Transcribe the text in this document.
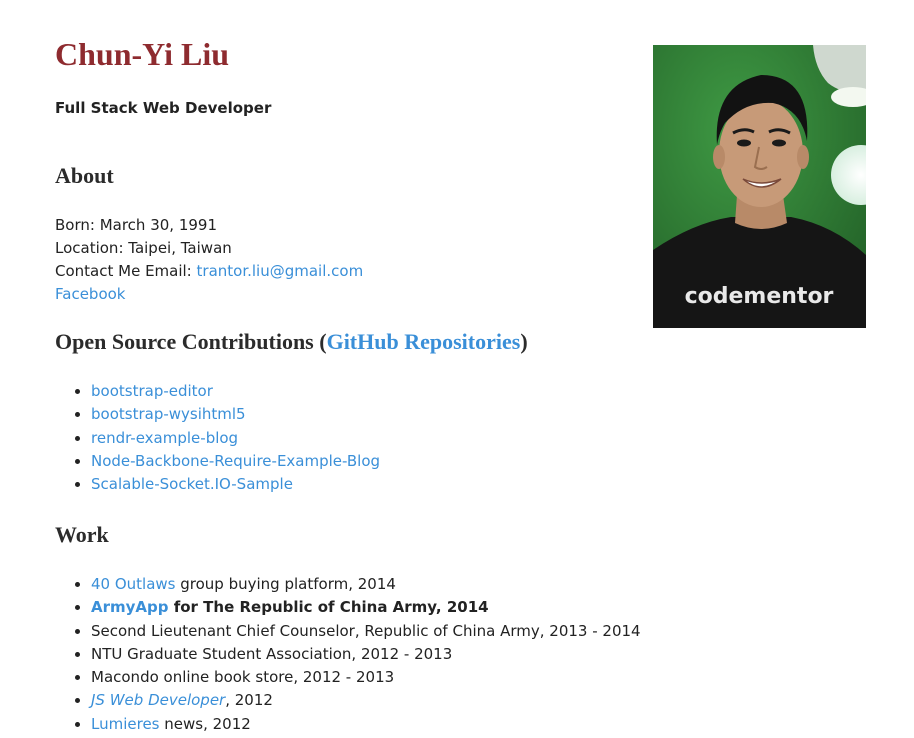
Chun-Yi Liu
Full Stack Web Developer
About
Born: March 30, 1991
Location: Taipei, Taiwan
Contact Me Email: trantor.liu@gmail.com
Facebook
Open Source Contributions (GitHub Repositories)
• bootstrap-editor
• bootstrap-wysihtml5
• rendr-example-blog
• Node-Backbone-Require-Example-Blog
• Scalable-Socket.IO-Sample
Work
• 40 Outlaws group buying platform, 2014
• ArmyApp for The Republic of China Army, 2014
• Second Lieutenant Chief Counselor, Republic of China Army, 2013 - 2014
• NTU Graduate Student Association, 2012 - 2013
• Macondo online book store, 2012 - 2013
• JS Web Developer, 2012
• Lumieres news, 2012
codementor
